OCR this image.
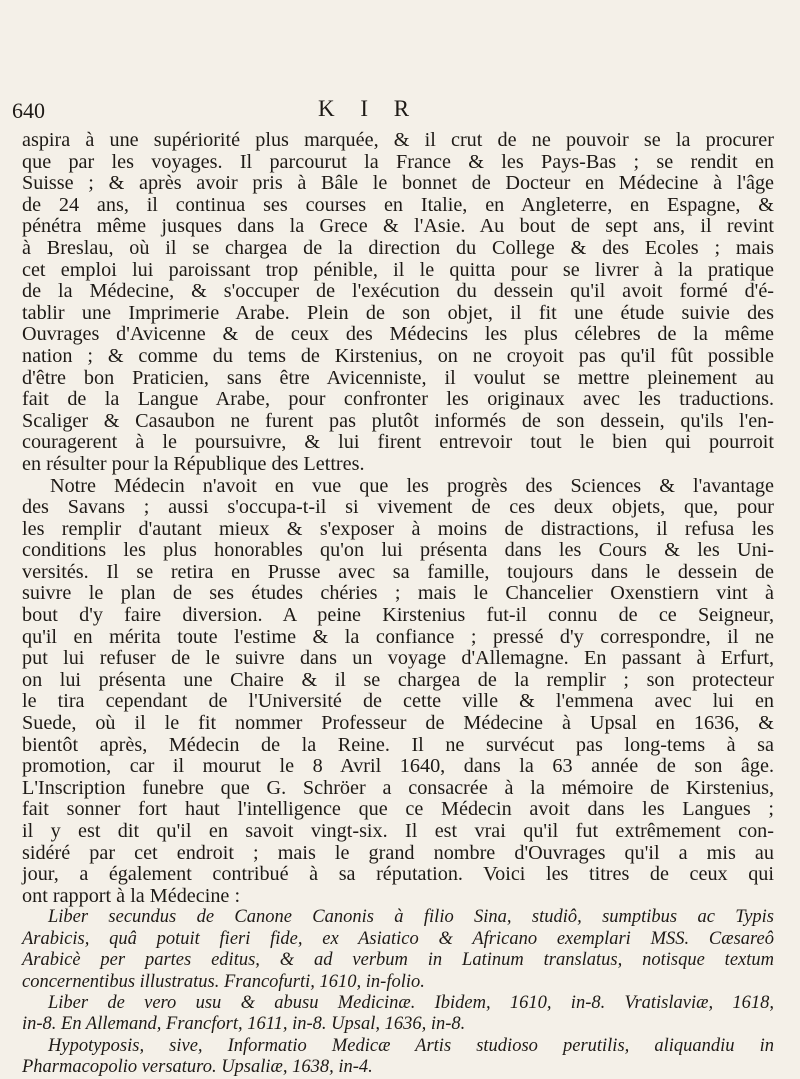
640	K I R

aspira à une supériorité plus marquée, & il crut de ne pouvoir se la procurer

que par les voyages. Il parcourut la France & les Pays-Bas ; se rendit en

Suisse ; & après avoir pris à Bâle le bonnet de Docteur en Médecine à l'âge

de 24 ans, il continua ses courses en Italie, en Angleterre, en Espagne, &

pénétra même jusques dans la Grece & l'Asie. Au bout de sept ans, il revint

à Breslau, où il se chargea de la direction du College & des Ecoles ; mais

cet emploi lui paroissant trop pénible, il le quitta pour se livrer à la pratique

de la Médecine, & s'occuper de l'exécution du dessein qu'il avoit formé d'é-

tablir une Imprimerie Arabe. Plein de son objet, il fit une étude suivie des

Ouvrages d'Avicenne & de ceux des Médecins les plus célebres de la même

nation ; & comme du tems de Kirstenius, on ne croyoit pas qu'il fût possible

d'être bon Praticien, sans être Avicenniste, il voulut se mettre pleinement au

fait de la Langue Arabe, pour confronter les originaux avec les traductions.

Scaliger & Casaubon ne furent pas plutôt informés de son dessein, qu'ils l'en-

couragerent à le poursuivre, & lui firent entrevoir tout le bien qui pourroit

en résulter pour la République des Lettres.

Notre Médecin n'avoit en vue que les progrès des Sciences & l'avantage

des Savans ; aussi s'occupa-t-il si vivement de ces deux objets, que, pour

les remplir d'autant mieux & s'exposer à moins de distractions, il refusa les

conditions les plus honorables qu'on lui présenta dans les Cours & les Uni-

versités. Il se retira en Prusse avec sa famille, toujours dans le dessein de

suivre le plan de ses études chéries ; mais le Chancelier Oxenstiern vint à

bout d'y faire diversion. A peine Kirstenius fut-il connu de ce Seigneur,

qu'il en mérita toute l'estime & la confiance ; pressé d'y correspondre, il ne

put lui refuser de le suivre dans un voyage d'Allemagne. En passant à Erfurt,

on lui présenta une Chaire & il se chargea de la remplir ; son protecteur

le tira cependant de l'Université de cette ville & l'emmena avec lui en

Suede, où il le fit nommer Professeur de Médecine à Upsal en 1636, &

bientôt après, Médecin de la Reine. Il ne survécut pas long-tems à sa

promotion, car il mourut le 8 Avril 1640, dans la 63 année de son âge.

L'Inscription funebre que G. Schröer a consacrée à la mémoire de Kirstenius,

fait sonner fort haut l'intelligence que ce Médecin avoit dans les Langues ;

il y est dit qu'il en savoit vingt-six. Il est vrai qu'il fut extrêmement con-

sidéré par cet endroit ; mais le grand nombre d'Ouvrages qu'il a mis au

jour, a également contribué à sa réputation. Voici les titres de ceux qui

ont rapport à la Médecine :

Liber secundus de Canone Canonis à filio Sina, studiô, sumptibus ac Typis

Arabicis, quâ potuit fieri fide, ex Asiatico & Africano exemplari MSS. Cæsareô

Arabicè per partes editus, & ad verbum in Latinum translatus, notisque textum

concernentibus illustratus. Francofurti, 1610, in-folio.

Liber de vero usu & abusu Medicinæ. Ibidem, 1610, in-8. Vratislaviæ, 1618,

in-8. En Allemand, Francfort, 1611, in-8. Upsal, 1636, in-8.

Hypotyposis, sive, Informatio Medicæ Artis studioso perutilis, aliquandiu in

Pharmacopolio versaturo. Upsaliæ, 1638, in-4.
